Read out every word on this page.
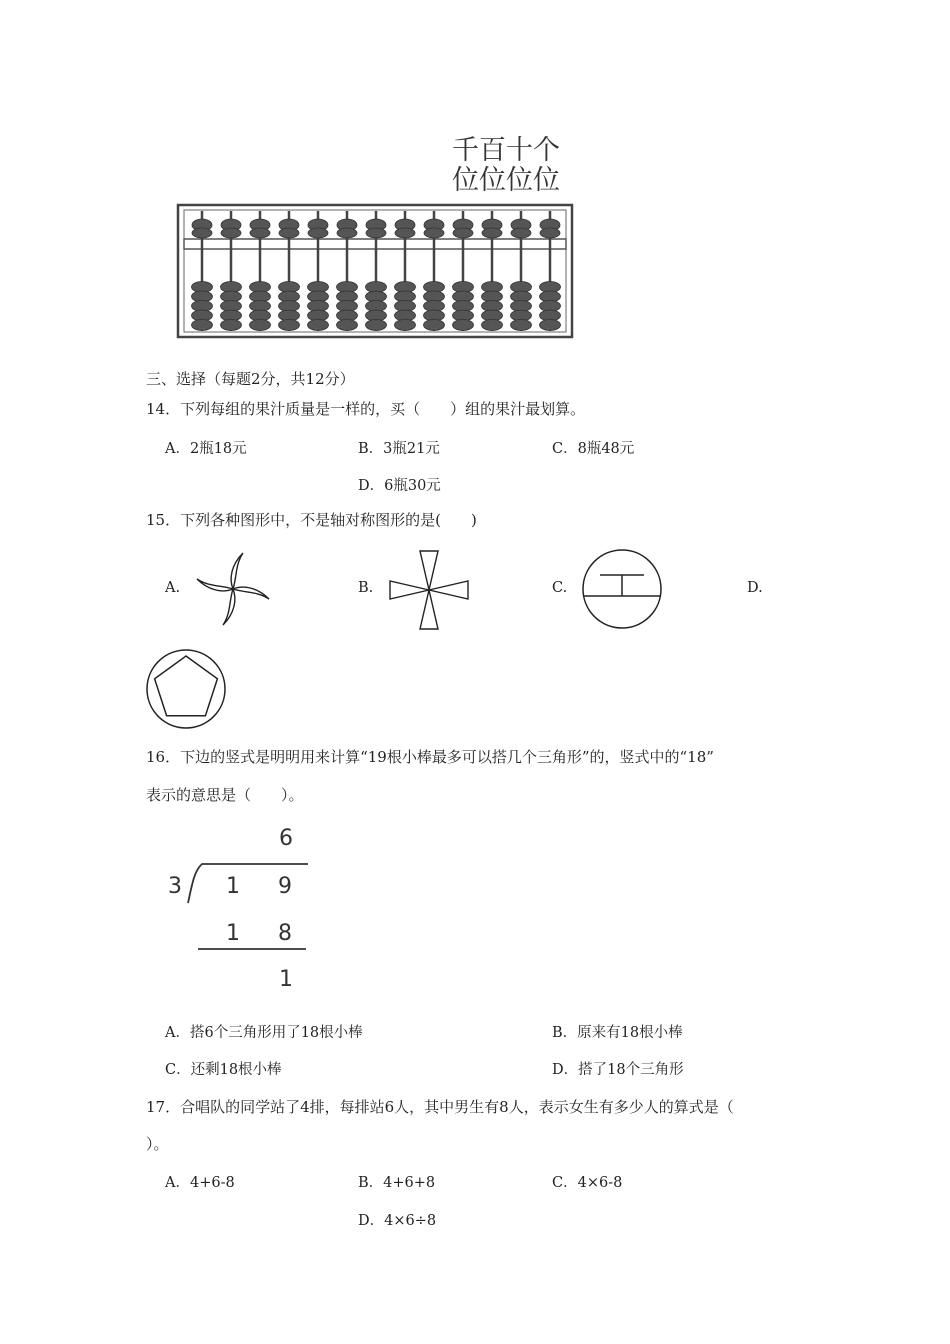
千百十个
位位位位
三、选择（每题2分，共12分）
14．下列每组的果汁质量是一样的，买（　　）组的果汁最划算。
A．2瓶18元	B．3瓶21元	C．8瓶48元
D．6瓶30元
15．下列各种图形中，不是轴对称图形的是(　　)
A.	B.	C.	D.
16．下边的竖式是明明用来计算“19根小棒最多可以搭几个三角形”的，竖式中的“18”
表示的意思是（　　）。
6
3 1 9
1 8
1
A．搭6个三角形用了18根小棒	B．原来有18根小棒
C．还剩18根小棒	D．搭了18个三角形
17．合唱队的同学站了4排，每排站6人，其中男生有8人，表示女生有多少人的算式是（
）。
A．4+6-8	B．4+6+8	C．4×6-8
D．4×6÷8
